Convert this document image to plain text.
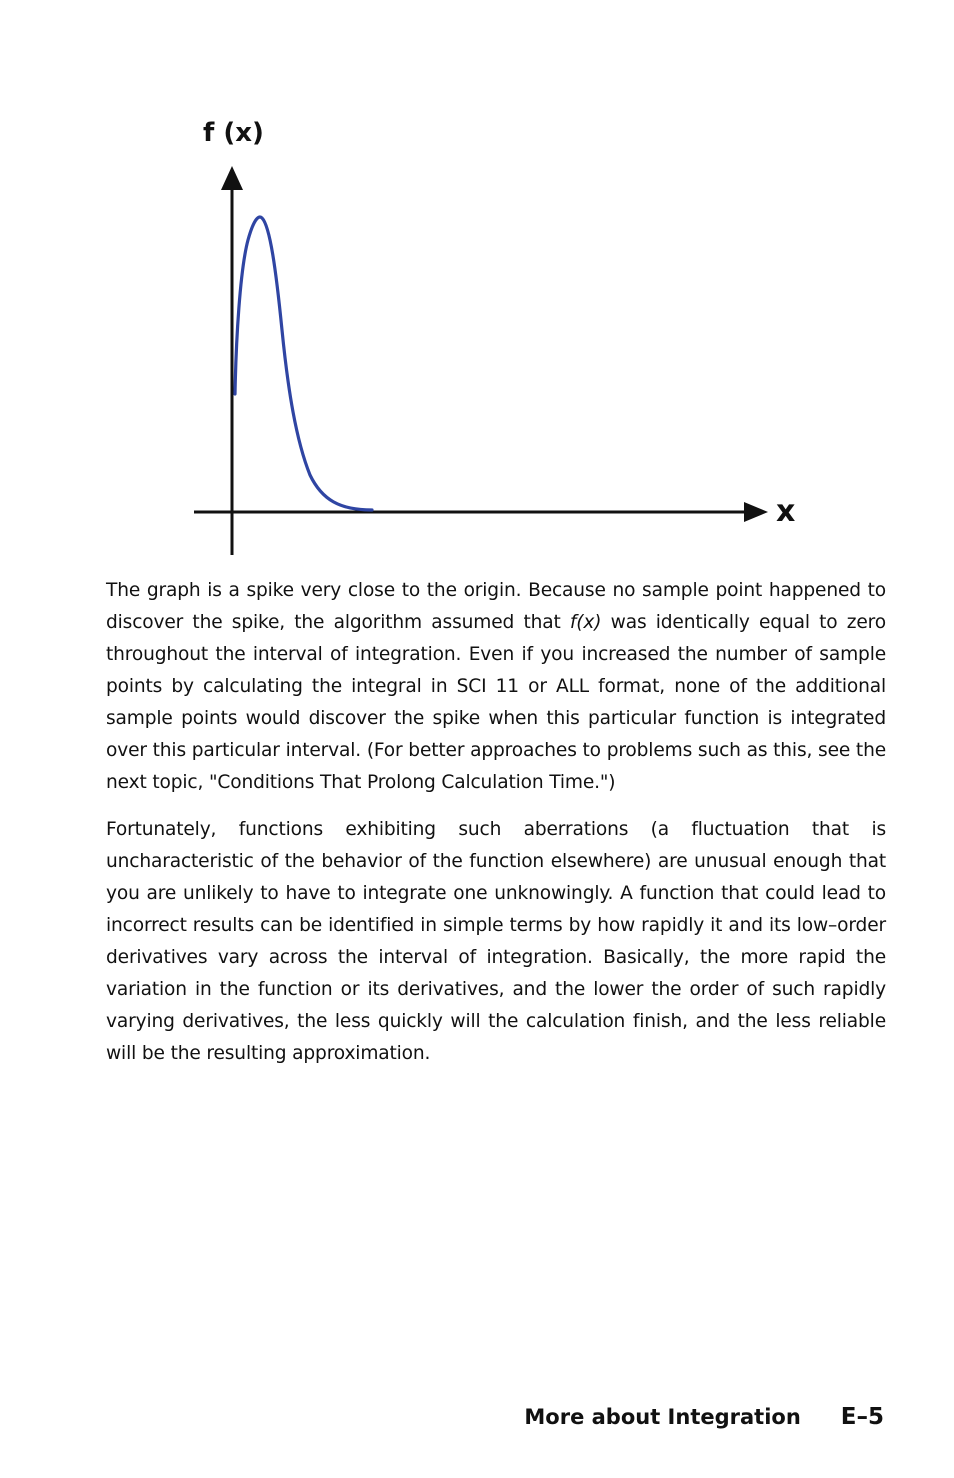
f (x)
x

The graph is a spike very close to the origin. Because no sample point happened to discover the spike, the algorithm assumed that f(x) was identically equal to zero throughout the interval of integration. Even if you increased the number of sample points by calculating the integral in SCI 11 or ALL format, none of the additional sample points would discover the spike when this particular function is integrated over this particular interval. (For better approaches to problems such as this, see the next topic, "Conditions That Prolong Calculation Time.")

Fortunately, functions exhibiting such aberrations (a fluctuation that is uncharacteristic of the behavior of the function elsewhere) are unusual enough that you are unlikely to have to integrate one unknowingly. A function that could lead to incorrect results can be identified in simple terms by how rapidly it and its low–order derivatives vary across the interval of integration. Basically, the more rapid the variation in the function or its derivatives, and the lower the order of such rapidly varying derivatives, the less quickly will the calculation finish, and the less reliable will be the resulting approximation.

More about Integration E–5
